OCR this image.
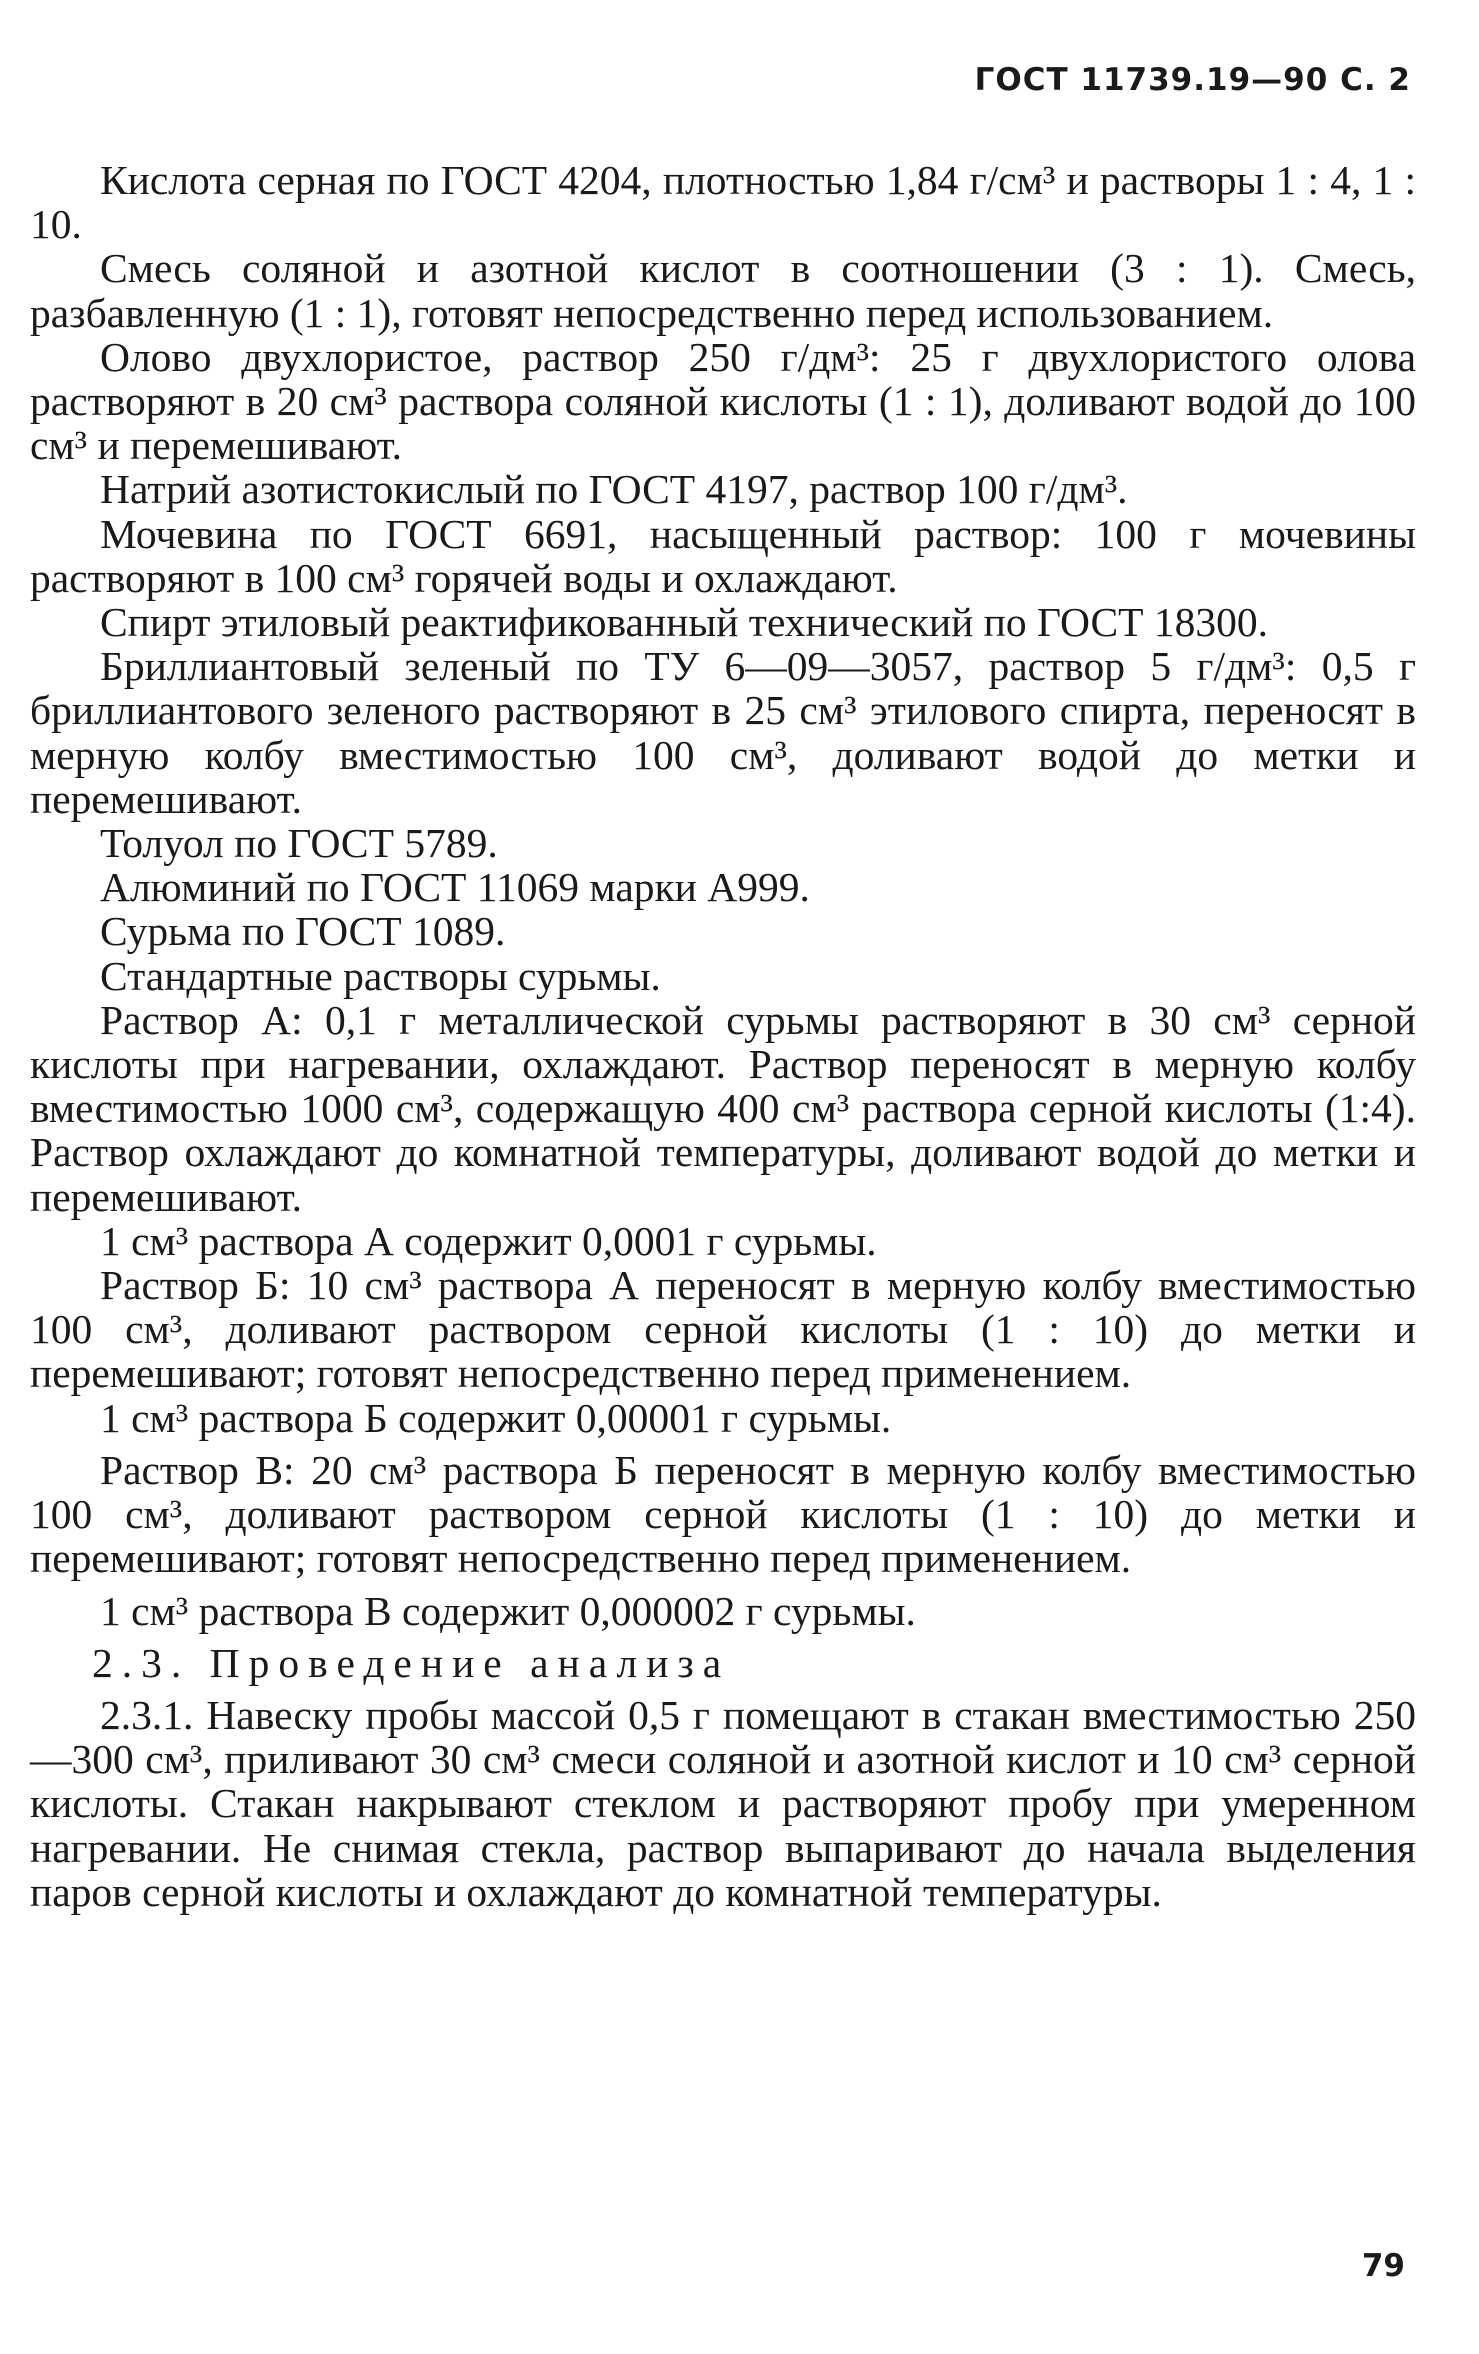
ГОСТ 11739.19—90 С. 2

Кислота серная по ГОСТ 4204, плотностью 1,84 г/см³ и растворы 1 : 4, 1 : 10.

Смесь соляной и азотной кислот в соотношении (3 : 1). Смесь, разбавленную (1 : 1), готовят непосредственно перед использованием.

Олово двухлористое, раствор 250 г/дм³: 25 г двухлористого олова растворяют в 20 см³ раствора соляной кислоты (1 : 1), доливают водой до 100 см³ и перемешивают.

Натрий азотистокислый по ГОСТ 4197, раствор 100 г/дм³.

Мочевина по ГОСТ 6691, насыщенный раствор: 100 г мочевины растворяют в 100 см³ горячей воды и охлаждают.

Спирт этиловый реактификованный технический по ГОСТ 18300.

Бриллиантовый зеленый по ТУ 6—09—3057, раствор 5 г/дм³: 0,5 г бриллиантового зеленого растворяют в 25 см³ этилового спирта, переносят в мерную колбу вместимостью 100 см³, доливают водой до метки и перемешивают.

Толуол по ГОСТ 5789.

Алюминий по ГОСТ 11069 марки А999.

Сурьма по ГОСТ 1089.

Стандартные растворы сурьмы.

Раствор А: 0,1 г металлической сурьмы растворяют в 30 см³ серной кислоты при нагревании, охлаждают. Раствор переносят в мерную колбу вместимостью 1000 см³, содержащую 400 см³ раствора серной кислоты (1:4). Раствор охлаждают до комнатной температуры, доливают водой до метки и перемешивают.

1 см³ раствора А содержит 0,0001 г сурьмы.

Раствор Б: 10 см³ раствора А переносят в мерную колбу вместимостью 100 см³, доливают раствором серной кислоты (1 : 10) до метки и перемешивают; готовят непосредственно перед применением.

1 см³ раствора Б содержит 0,00001 г сурьмы.

Раствор В: 20 см³ раствора Б переносят в мерную колбу вместимостью 100 см³, доливают раствором серной кислоты (1 : 10) до метки и перемешивают; готовят непосредственно перед применением.

1 см³ раствора В содержит 0,000002 г сурьмы.

2.3. Проведение анализа

2.3.1. Навеску пробы массой 0,5 г помещают в стакан вместимостью 250—300 см³, приливают 30 см³ смеси соляной и азотной кислот и 10 см³ серной кислоты. Стакан накрывают стеклом и растворяют пробу при умеренном нагревании. Не снимая стекла, раствор выпаривают до начала выделения паров серной кислоты и охлаждают до комнатной температуры.

79
